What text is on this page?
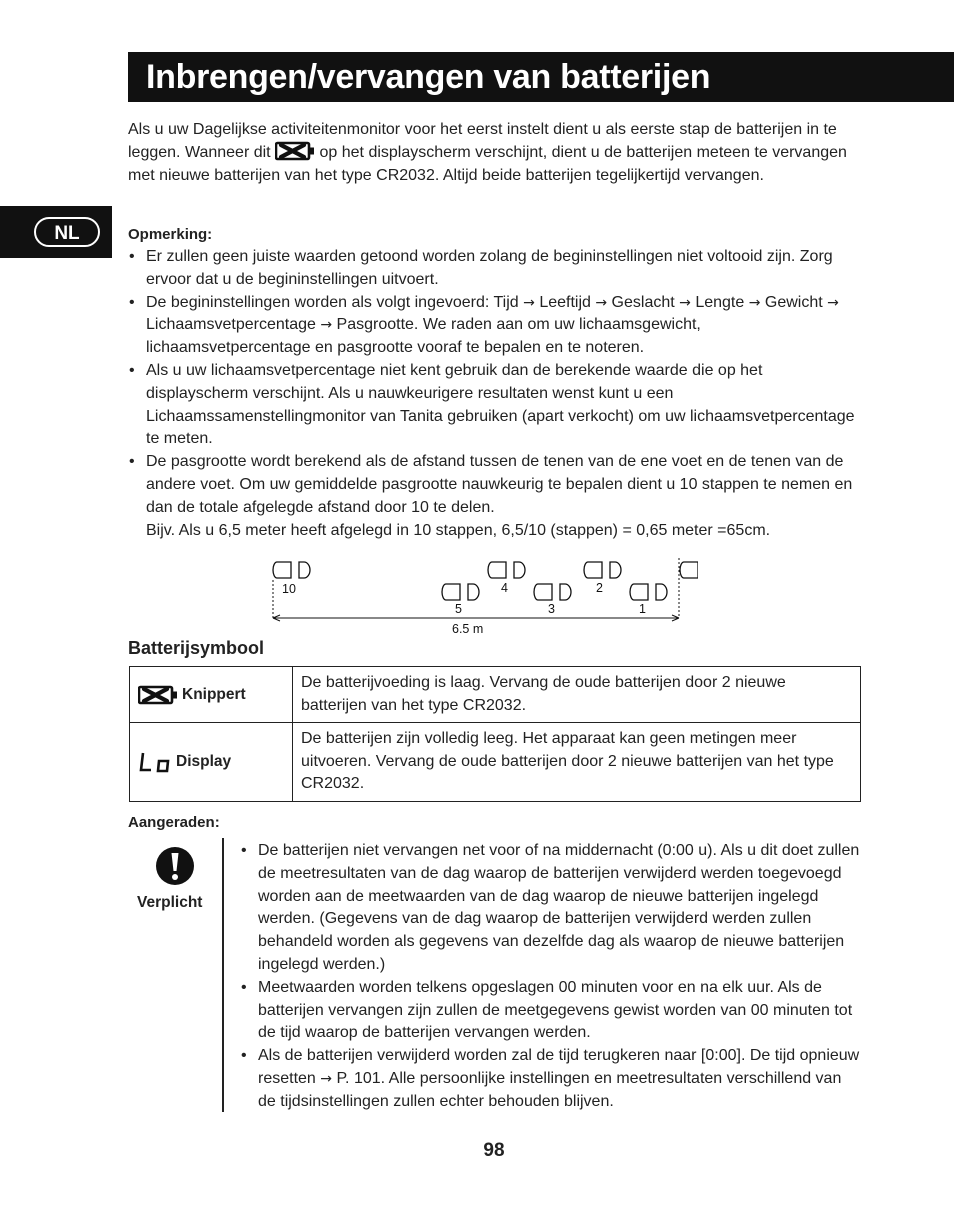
Inbrengen/vervangen van batterijen
NL

Als u uw Dagelijkse activiteitenmonitor voor het eerst instelt dient u als eerste stap de batterijen in te leggen. Wanneer dit	op het displayscherm verschijnt, dient u de batterijen meteen te vervangen met nieuwe batterijen van het type CR2032. Altijd beide batterijen tegelijkertijd vervangen.

Opmerking:

• Er zullen geen juiste waarden getoond worden zolang de begininstellingen niet voltooid zijn. Zorg ervoor dat u de begininstellingen uitvoert.
• De begininstellingen worden als volgt ingevoerd: Tijd → Leeftijd → Geslacht → Lengte → Gewicht → Lichaamsvetpercentage → Pasgrootte. We raden aan om uw lichaamsgewicht, lichaamsvetpercentage en pasgrootte vooraf te bepalen en te noteren.
• Als u uw lichaamsvetpercentage niet kent gebruik dan de berekende waarde die op het displayscherm verschijnt. Als u nauwkeurigere resultaten wenst kunt u een Lichaamssamenstellingmonitor van Tanita gebruiken (apart verkocht) om uw lichaamsvetpercentage te meten.
• De pasgrootte wordt berekend als de afstand tussen de tenen van de ene voet en de tenen van de andere voet. Om uw gemiddelde pasgrootte nauwkeurig te bepalen dient u 10 stappen te nemen en dan de totale afgelegde afstand door 10 te delen.
Bijv. Als u 6,5 meter heeft afgelegd in 10 stappen, 6,5/10 (stappen) = 0,65 meter =65cm.
10
5
4
3
2
1
6.5 m

Batterijsymbool

Knippert	De batterijvoeding is laag. Vervang de oude batterijen door 2 nieuwe batterijen van het type CR2032.

Display	De batterijen zijn volledig leeg. Het apparaat kan geen metingen meer uitvoeren. Vervang de oude batterijen door 2 nieuwe batterijen van het type CR2032.

Aangeraden:

Verplicht
• De batterijen niet vervangen net voor of na middernacht (0:00 u). Als u dit doet zullen de meetresultaten van de dag waarop de batterijen verwijderd werden toegevoegd worden aan de meetwaarden van de dag waarop de nieuwe batterijen ingelegd werden. (Gegevens van de dag waarop de batterijen verwijderd werden zullen behandeld worden als gegevens van dezelfde dag als waarop de nieuwe batterijen ingelegd werden.)
• Meetwaarden worden telkens opgeslagen 00 minuten voor en na elk uur. Als de batterijen vervangen zijn zullen de meetgegevens gewist worden van 00 minuten tot de tijd waarop de batterijen vervangen werden.
• Als de batterijen verwijderd worden zal de tijd terugkeren naar [0:00]. De tijd opnieuw resetten → P. 101. Alle persoonlijke instellingen en meetresultaten verschillend van de tijdsinstellingen zullen echter behouden blijven.
98
